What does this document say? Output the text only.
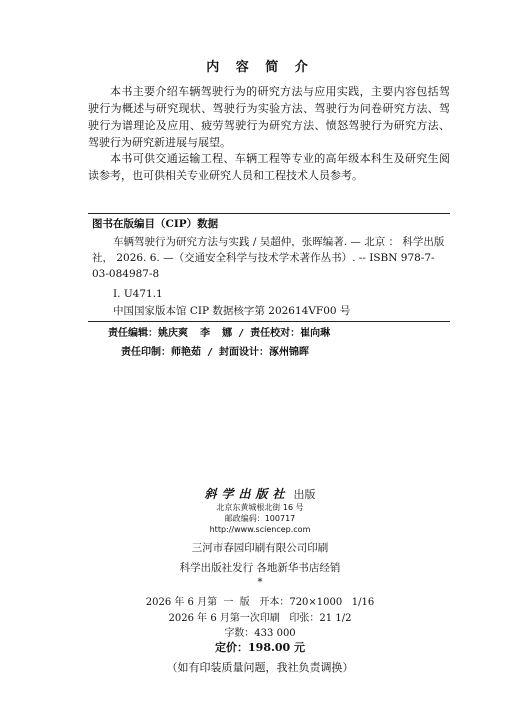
内 容 简 介

本书主要介绍车辆驾驶行为的研究方法与应用实践，主要内容包括驾驶行为概述与研究现状、驾驶行为实验方法、驾驶行为问卷研究方法、驾驶行为谱理论及应用、疲劳驾驶行为研究方法、愤怒驾驶行为研究方法、驾驶行为研究新进展与展望。

本书可供交通运输工程、车辆工程等专业的高年级本科生及研究生阅读参考，也可供相关专业研究人员和工程技术人员参考。

图书在版编目（CIP）数据
车辆驾驶行为研究方法与实践 / 吴超仲，张晖编著. — 北京 ： 科学出版社， 2026. 6. —（交通安全科学与技术学术著作丛书）. -- ISBN 978-7-03-084987-8
Ⅰ. U471.1
中国国家版本馆 CIP 数据核字第 202614VF00 号
责任编辑：姚庆爽  李  娜 / 责任校对：崔向琳
责任印制：师艳茹 / 封面设计：涿州锦晖
斜学出版社 出版
北京东黄城根北街 16 号
邮政编码：100717
http://www.sciencep.com
三河市春园印刷有限公司印刷
科学出版社发行 各地新华书店经销
*
2026 年 6 月第  一  版   开本：720×1000   1/16
2026 年 6 月第一次印刷   印张：21 1/2
字数：433 000
定价：198.00 元
（如有印装质量问题，我社负责调换）
